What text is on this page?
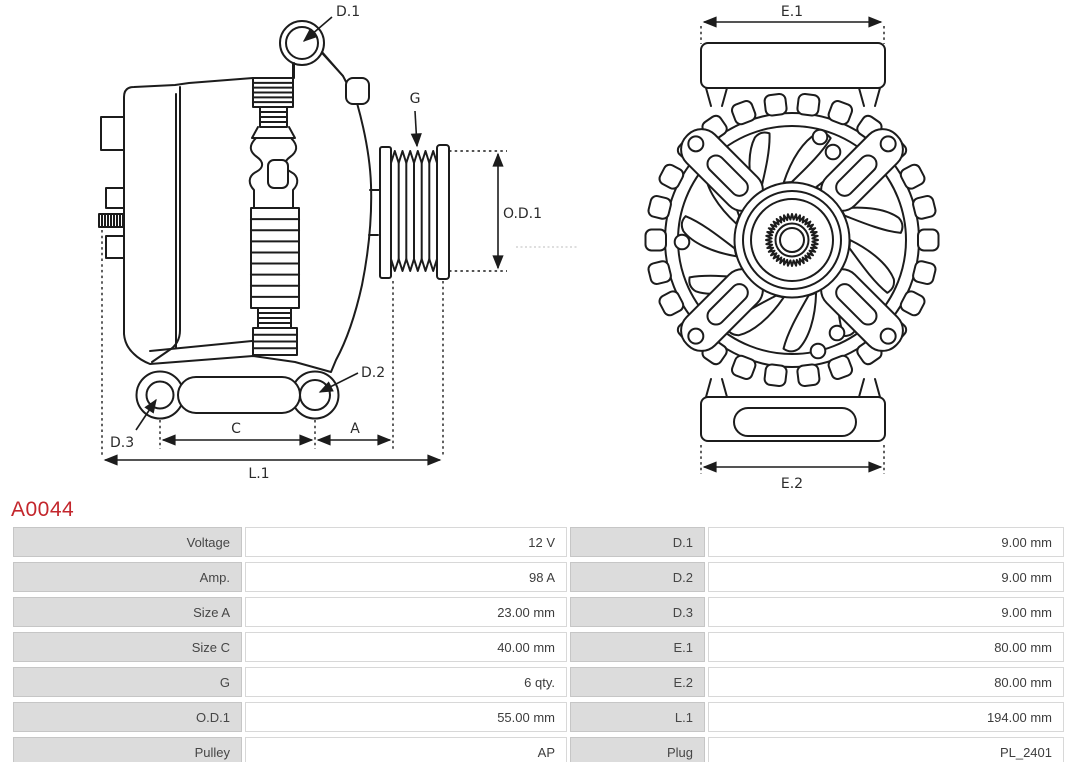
D.1
G
O.D.1
D.2
D.3
C	A
L.1
E.1
E.2
A0044
Voltage	12 V	D.1	9.00 mm
Amp.	98 A	D.2	9.00 mm
Size A	23.00 mm	D.3	9.00 mm
Size C	40.00 mm	E.1	80.00 mm
G	6 qty.	E.2	80.00 mm
O.D.1	55.00 mm	L.1	194.00 mm
Pulley	AP	Plug	PL_2401
